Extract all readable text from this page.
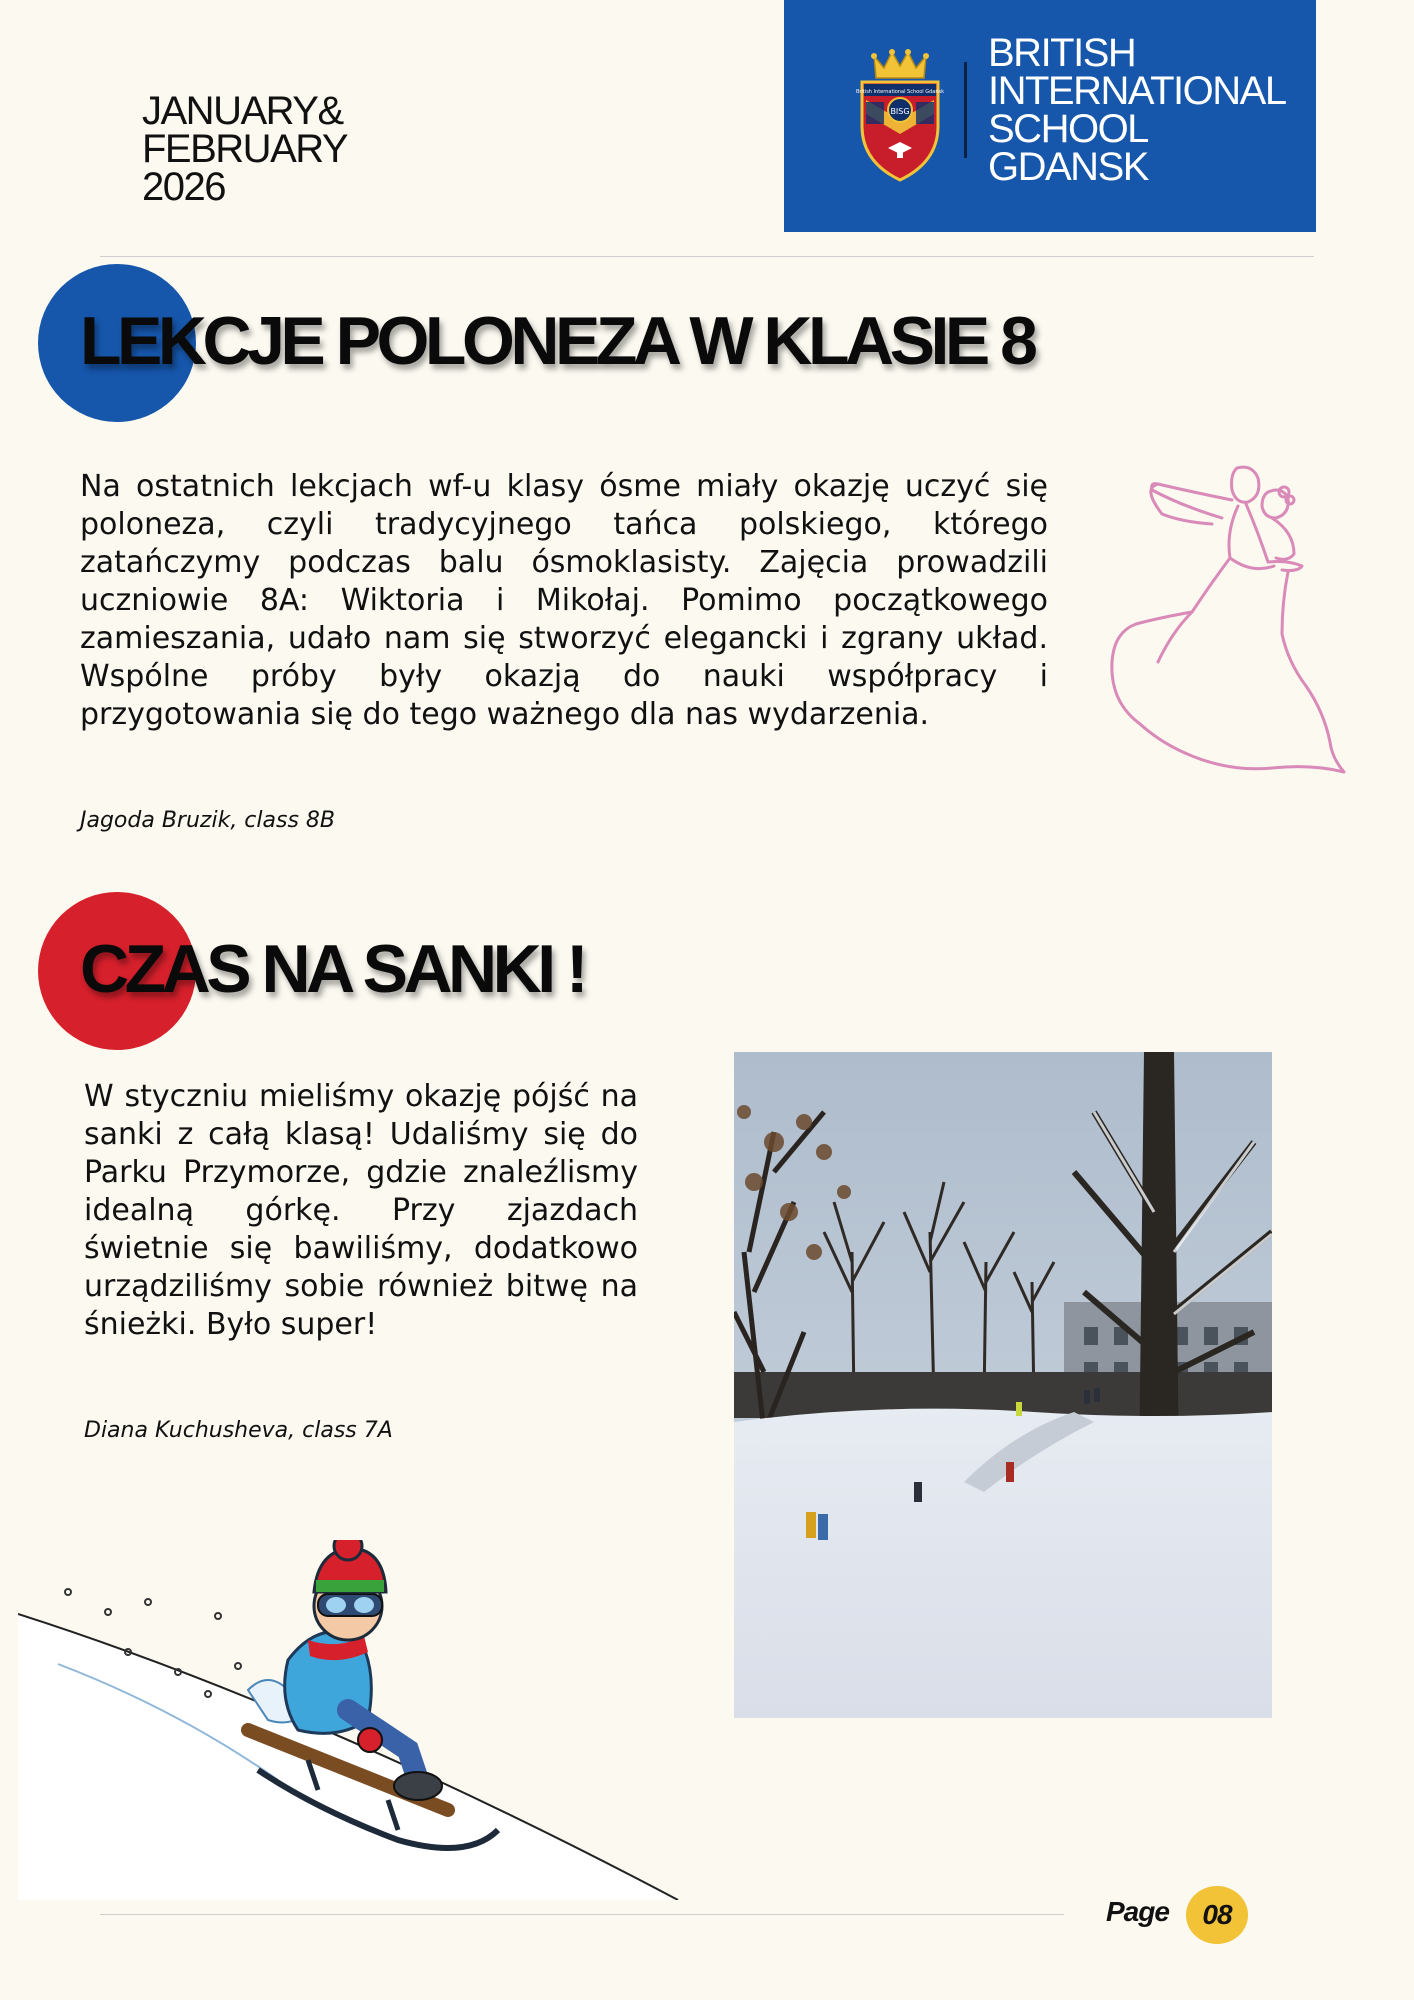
JANUARY&
FEBRUARY
2026
British International School Gdańsk
BISG
BRITISH
INTERNATIONAL
SCHOOL
GDANSK
LEKCJE POLONEZA W KLASIE 8

Na ostatnich lekcjach wf-u klasy ósme miały okazję uczyć się poloneza, czyli tradycyjnego tańca polskiego, którego zatańczymy podczas balu ósmoklasisty. Zajęcia prowadzili uczniowie 8A: Wiktoria i Mikołaj. Pomimo początkowego zamieszania, udało nam się stworzyć elegancki i zgrany układ. Wspólne próby były okazją do nauki współpracy i przygotowania się do tego ważnego dla nas wydarzenia.

Jagoda Bruzik, class 8B
CZAS NA SANKI !

W styczniu mieliśmy okazję pójść na sanki z całą klasą! Udaliśmy się do Parku Przymorze, gdzie znaleźlismy idealną górkę. Przy zjazdach świetnie się bawiliśmy, dodatkowo urządziliśmy sobie również bitwę na śnieżki. Było super!

Diana Kuchusheva, class 7A
Page 08
